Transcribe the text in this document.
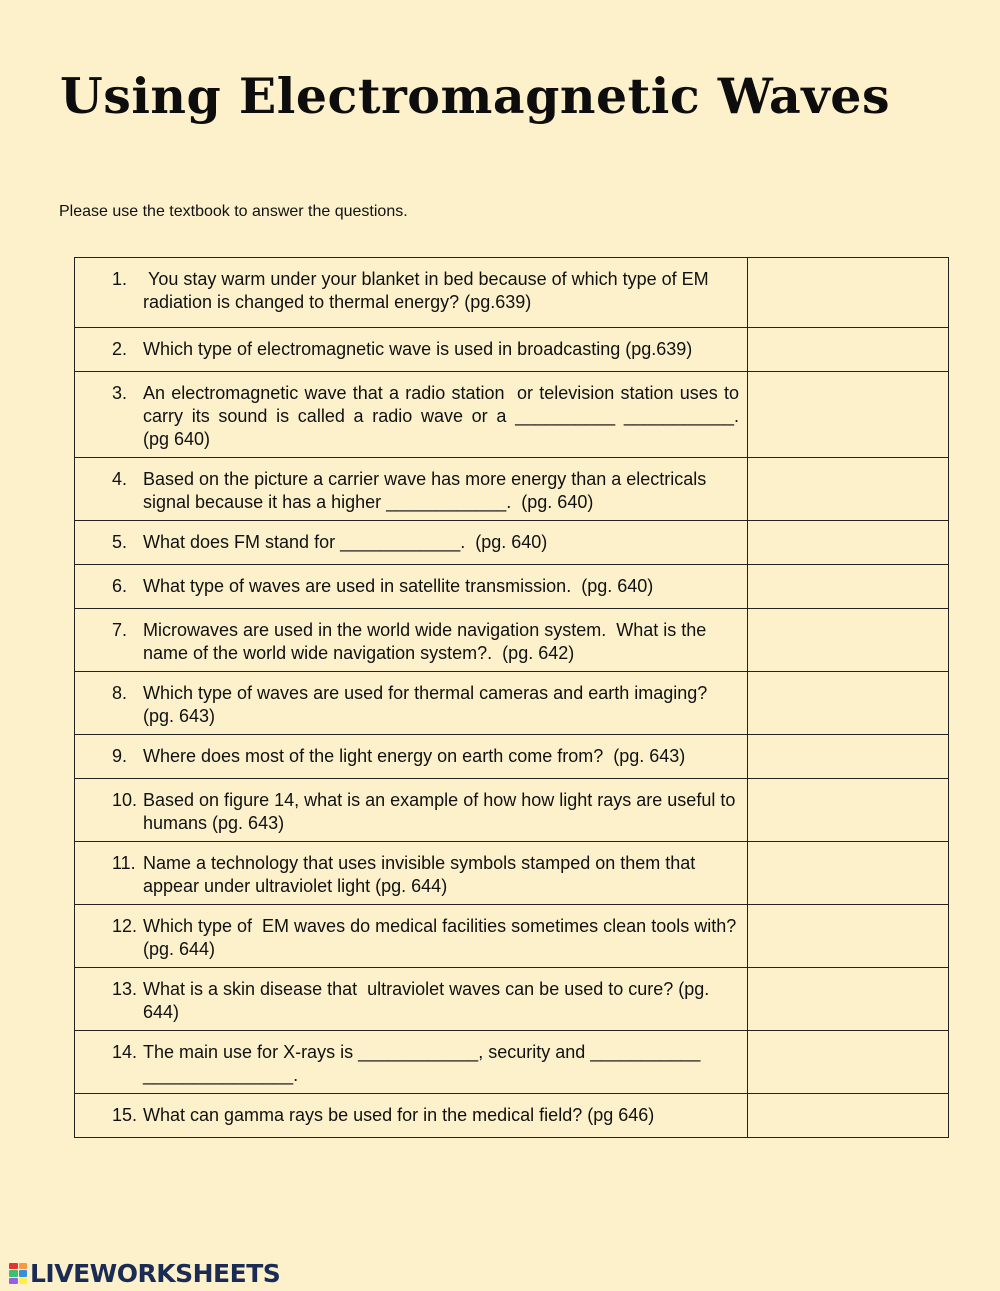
Using Electromagnetic Waves

Please use the textbook to answer the questions.

1. You stay warm under your blanket in bed because of which type of EM radiation is changed to thermal energy? (pg.639)	

2. Which type of electromagnetic wave is used in broadcasting (pg.639)	

3. An electromagnetic wave that a radio station  or television station uses to carry its sound is called a radio wave or a __________ ___________.        (pg 640)	

4. Based on the picture a carrier wave has more energy than a electricals signal because it has a higher ____________.  (pg. 640)	

5. What does FM stand for ____________.  (pg. 640)	

6. What type of waves are used in satellite transmission.  (pg. 640)	

7. Microwaves are used in the world wide navigation system.  What is the name of the world wide navigation system?.  (pg. 642)	

8. Which type of waves are used for thermal cameras and earth imaging?  (pg. 643)	

9. Where does most of the light energy on earth come from?  (pg. 643)	

10. Based on figure 14, what is an example of how how light rays are useful to humans (pg. 643)	

11. Name a technology that uses invisible symbols stamped on them that appear under ultraviolet light (pg. 644)	

12. Which type of  EM waves do medical facilities sometimes clean tools with? (pg. 644)	

13. What is a skin disease that  ultraviolet waves can be used to cure? (pg. 644)	

14. The main use for X-rays is ____________, security and ___________  _______________.	

15. What can gamma rays be used for in the medical field? (pg 646)	

LIVEWORKSHEETS
